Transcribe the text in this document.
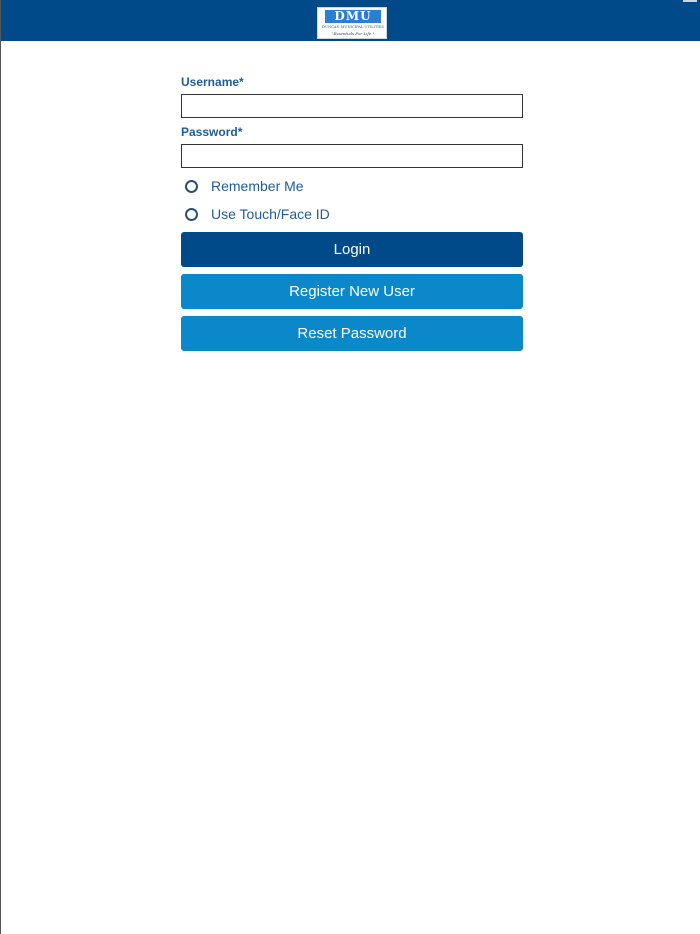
DMU
DUNCAN MUNICIPAL UTILITIES
"Essentials For Life."
Username*
Password*
Remember Me
Use Touch/Face ID
Login
Register New User
Reset Password
